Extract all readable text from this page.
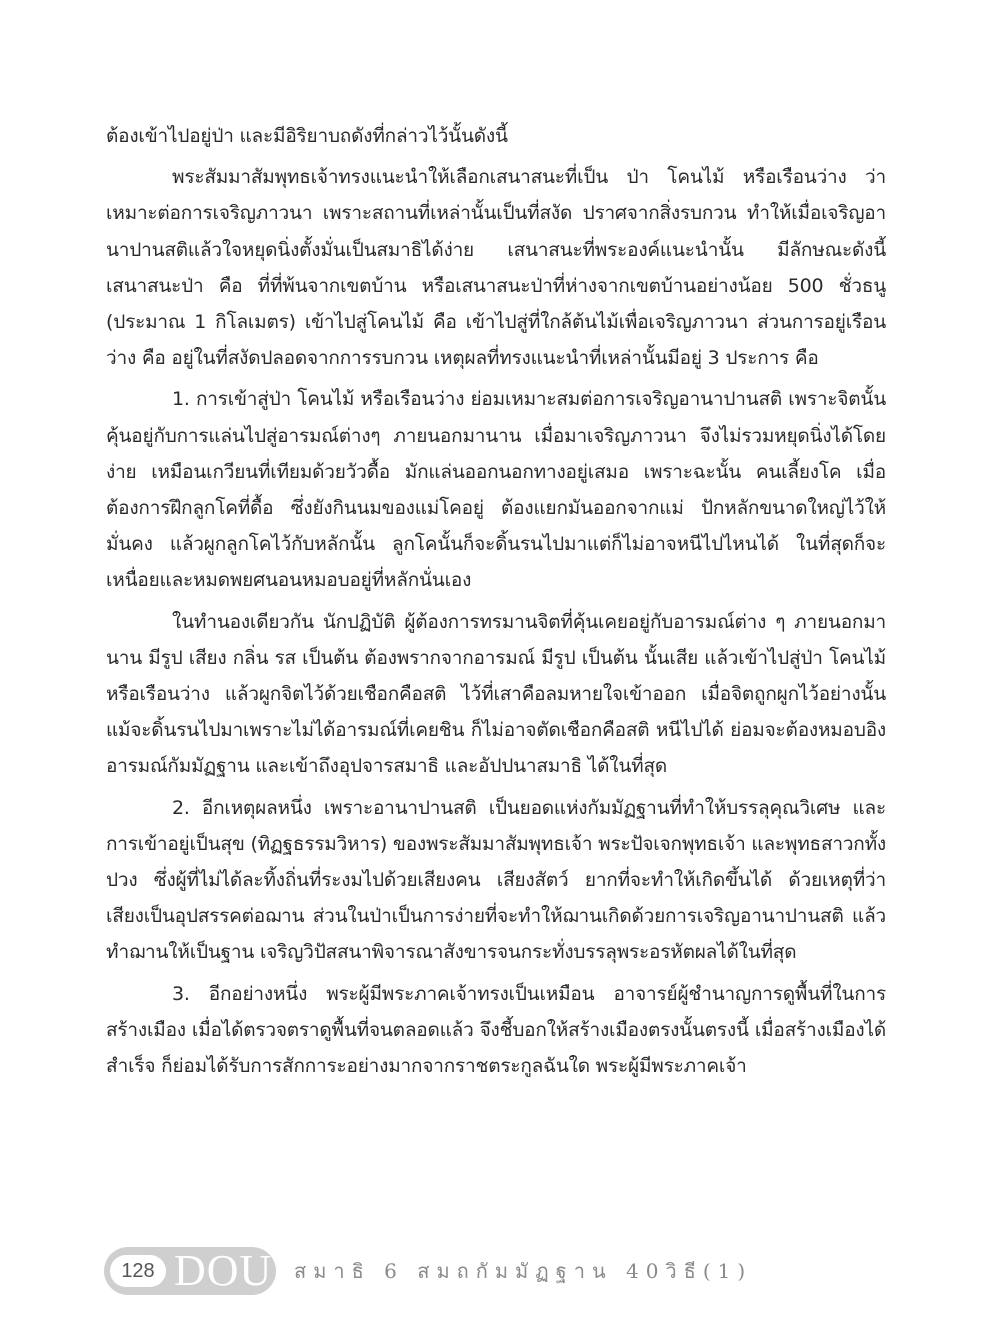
ต้องเข้าไปอยู่ป่า และมีอิริยาบถดังที่กล่าวไว้นั้นดังนี้

พระสัมมาสัมพุทธเจ้าทรงแนะนำให้เลือกเสนาสนะที่เป็น ป่า โคนไม้ หรือเรือนว่าง ว่าเหมาะต่อการเจริญภาวนา เพราะสถานที่เหล่านั้นเป็นที่สงัด ปราศจากสิ่งรบกวน ทำให้เมื่อเจริญอานาปานสติแล้วใจหยุดนิ่งตั้งมั่นเป็นสมาธิได้ง่าย เสนาสนะที่พระองค์แนะนำนั้น มีลักษณะดังนี้ เสนาสนะป่า คือ ที่ที่พ้นจากเขตบ้าน หรือเสนาสนะป่าที่ห่างจากเขตบ้านอย่างน้อย 500 ชั่วธนู (ประมาณ 1 กิโลเมตร) เข้าไปสู่โคนไม้ คือ เข้าไปสู่ที่ใกล้ต้นไม้เพื่อเจริญภาวนา ส่วนการอยู่เรือนว่าง คือ อยู่ในที่สงัดปลอดจากการรบกวน เหตุผลที่ทรงแนะนำที่เหล่านั้นมีอยู่ 3 ประการ คือ

1. การเข้าสู่ป่า โคนไม้ หรือเรือนว่าง ย่อมเหมาะสมต่อการเจริญอานาปานสติ เพราะจิตนั้นคุ้นอยู่กับการแล่นไปสู่อารมณ์ต่างๆ ภายนอกมานาน เมื่อมาเจริญภาวนา จึงไม่รวมหยุดนิ่งได้โดยง่าย เหมือนเกวียนที่เทียมด้วยวัวดื้อ มักแล่นออกนอกทางอยู่เสมอ เพราะฉะนั้น คนเลี้ยงโค เมื่อต้องการฝึกลูกโคที่ดื้อ ซึ่งยังกินนมของแม่โคอยู่ ต้องแยกมันออกจากแม่ ปักหลักขนาดใหญ่ไว้ให้มั่นคง แล้วผูกลูกโคไว้กับหลักนั้น ลูกโคนั้นก็จะดิ้นรนไปมาแต่ก็ไม่อาจหนีไปไหนได้ ในที่สุดก็จะเหนื่อยและหมดพยศนอนหมอบอยู่ที่หลักนั่นเอง

ในทำนองเดียวกัน นักปฏิบัติ ผู้ต้องการทรมานจิตที่คุ้นเคยอยู่กับอารมณ์ต่าง ๆ ภายนอกมานาน มีรูป เสียง กลิ่น รส เป็นต้น ต้องพรากจากอารมณ์ มีรูป เป็นต้น นั้นเสีย แล้วเข้าไปสู่ป่า โคนไม้ หรือเรือนว่าง แล้วผูกจิตไว้ด้วยเชือกคือสติ ไว้ที่เสาคือลมหายใจเข้าออก เมื่อจิตถูกผูกไว้อย่างนั้น แม้จะดิ้นรนไปมาเพราะไม่ได้อารมณ์ที่เคยชิน ก็ไม่อาจตัดเชือกคือสติ หนีไปได้ ย่อมจะต้องหมอบอิงอารมณ์กัมมัฏฐาน และเข้าถึงอุปจารสมาธิ และอัปปนาสมาธิ ได้ในที่สุด

2. อีกเหตุผลหนึ่ง เพราะอานาปานสติ เป็นยอดแห่งกัมมัฏฐานที่ทำให้บรรลุคุณวิเศษ และการเข้าอยู่เป็นสุข (ทิฏฐธรรมวิหาร) ของพระสัมมาสัมพุทธเจ้า พระปัจเจกพุทธเจ้า และพุทธสาวกทั้งปวง ซึ่งผู้ที่ไม่ได้ละทิ้งถิ่นที่ระงมไปด้วยเสียงคน เสียงสัตว์ ยากที่จะทำให้เกิดขึ้นได้ ด้วยเหตุที่ว่า เสียงเป็นอุปสรรคต่อฌาน ส่วนในป่าเป็นการง่ายที่จะทำให้ฌานเกิดด้วยการเจริญอานาปานสติ แล้วทำฌานให้เป็นฐาน เจริญวิปัสสนาพิจารณาสังขารจนกระทั่งบรรลุพระอรหัตผลได้ในที่สุด

3. อีกอย่างหนึ่ง พระผู้มีพระภาคเจ้าทรงเป็นเหมือน อาจารย์ผู้ชำนาญการดูพื้นที่ในการสร้างเมือง เมื่อได้ตรวจตราดูพื้นที่จนตลอดแล้ว จึงชี้บอกให้สร้างเมืองตรงนั้นตรงนี้ เมื่อสร้างเมืองได้สำเร็จ ก็ย่อมได้รับการสักการะอย่างมากจากราชตระกูลฉันใด พระผู้มีพระภาคเจ้า

128 DOU สมาธิ 6 สมถกัมมัฏฐาน 40วิธี(1)
